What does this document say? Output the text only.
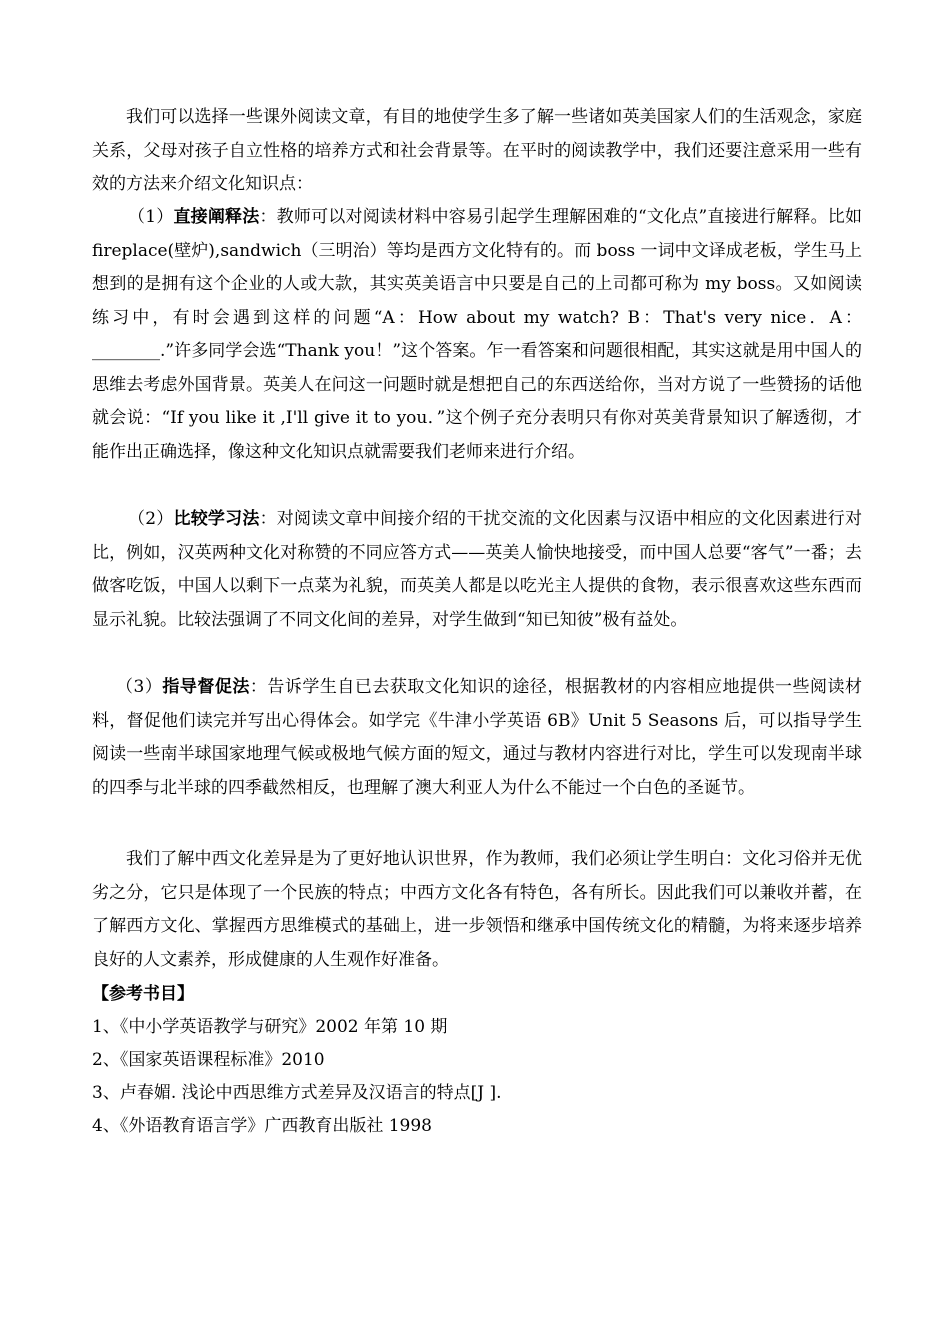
我们可以选择一些课外阅读文章，有目的地使学生多了解一些诸如英美国家人们的生活观念，家庭关系，父母对孩子自立性格的培养方式和社会背景等。在平时的阅读教学中，我们还要注意采用一些有效的方法来介绍文化知识点：
（1）直接阐释法：教师可以对阅读材料中容易引起学生理解困难的“文化点”直接进行解释。比如 fireplace(壁炉),sandwich（三明治）等均是西方文化特有的。而 boss 一词中文译成老板，学生马上想到的是拥有这个企业的人或大款，其实英美语言中只要是自己的上司都可称为 my boss。又如阅读练习中，有时会遇到这样的问题“A：How about my watch? B：That's very nice．A：________.”许多同学会选“Thank you！”这个答案。乍一看答案和问题很相配，其实这就是用中国人的思维去考虑外国背景。英美人在问这一问题时就是想把自己的东西送给你，当对方说了一些赞扬的话他就会说：“If you like it ,I'll give it to you．”这个例子充分表明只有你对英美背景知识了解透彻，才能作出正确选择，像这种文化知识点就需要我们老师来进行介绍。
（2）比较学习法：对阅读文章中间接介绍的干扰交流的文化因素与汉语中相应的文化因素进行对比，例如，汉英两种文化对称赞的不同应答方式——英美人愉快地接受，而中国人总要“客气”一番；去做客吃饭，中国人以剩下一点菜为礼貌，而英美人都是以吃光主人提供的食物，表示很喜欢这些东西而显示礼貌。比较法强调了不同文化间的差异，对学生做到“知已知彼”极有益处。
（3）指导督促法：告诉学生自已去获取文化知识的途径，根据教材的内容相应地提供一些阅读材料，督促他们读完并写出心得体会。如学完《牛津小学英语 6B》Unit 5 Seasons 后，可以指导学生阅读一些南半球国家地理气候或极地气候方面的短文，通过与教材内容进行对比，学生可以发现南半球的四季与北半球的四季截然相反，也理解了澳大利亚人为什么不能过一个白色的圣诞节。
我们了解中西文化差异是为了更好地认识世界，作为教师，我们必须让学生明白：文化习俗并无优劣之分，它只是体现了一个民族的特点；中西方文化各有特色，各有所长。因此我们可以兼收并蓄，在了解西方文化、掌握西方思维模式的基础上，进一步领悟和继承中国传统文化的精髓，为将来逐步培养良好的人文素养，形成健康的人生观作好准备。
【参考书目】
1、《中小学英语教学与研究》2002 年第 10 期
2、《国家英语课程标准》2010
3、卢春媚. 浅论中西思维方式差异及汉语言的特点[J ].
4、《外语教育语言学》广西教育出版社 1998
